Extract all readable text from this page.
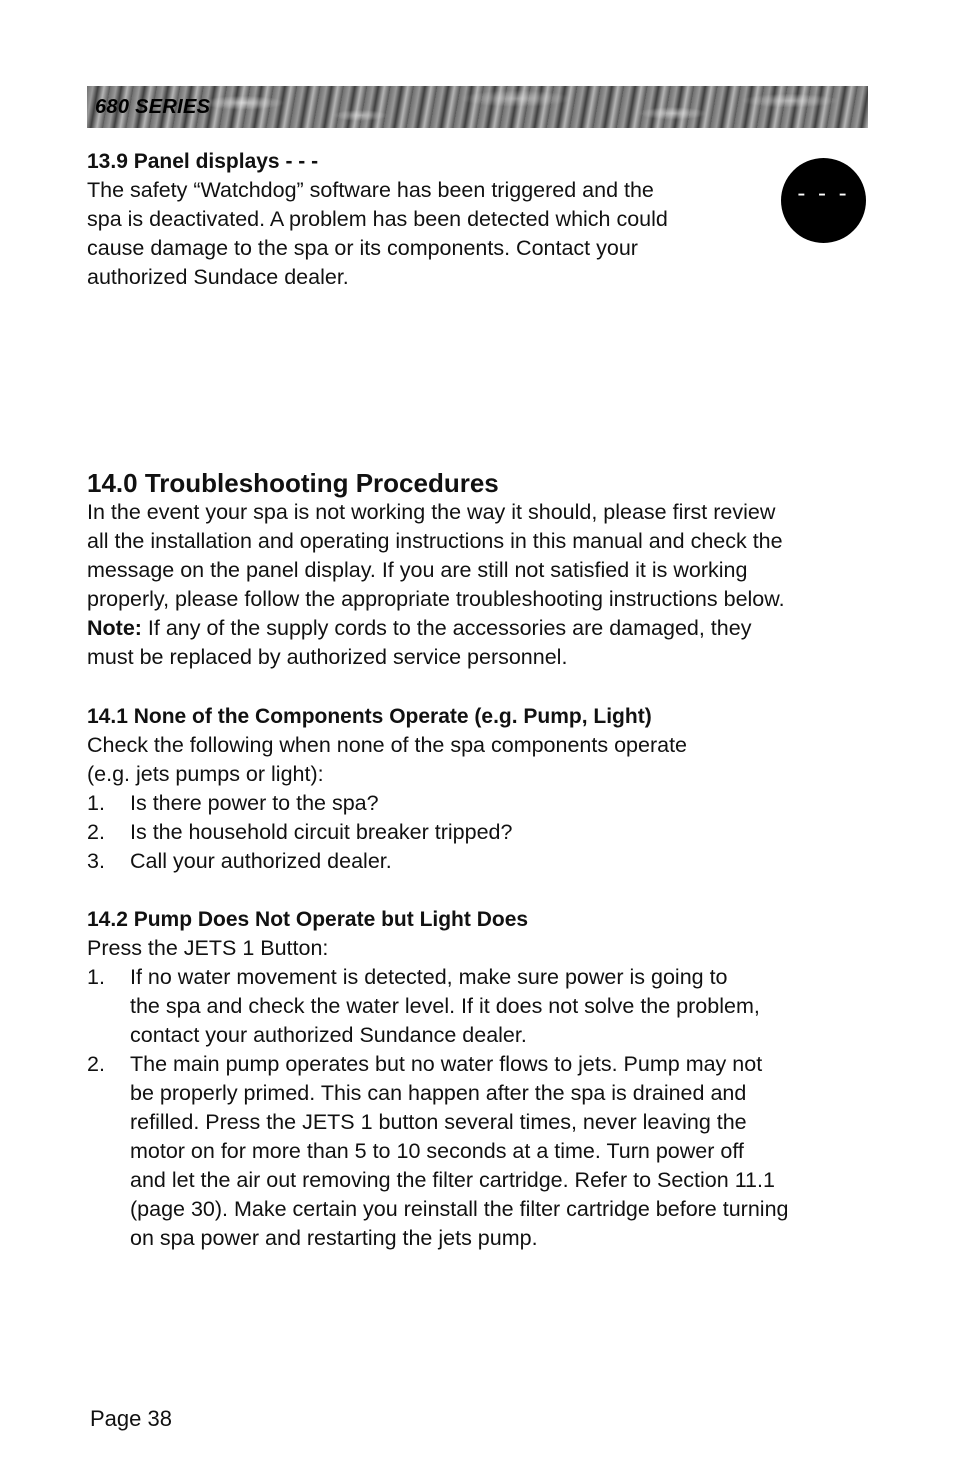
680 SERIES

13.9 Panel displays - - -

The safety “Watchdog” software has been triggered and the

spa is deactivated. A problem has been detected which could

cause damage to the spa or its components. Contact your

authorized Sundace dealer.

- - -

14.0 Troubleshooting Procedures

In the event your spa is not working the way it should, please first review

all the installation and operating instructions in this manual and check the

message on the panel display. If you are still not satisfied it is working

properly, please follow the appropriate troubleshooting instructions below.

Note: If any of the supply cords to the accessories are damaged, they

must be replaced by authorized service personnel.

14.1 None of the Components Operate (e.g. Pump, Light)

Check the following when none of the spa components operate

(e.g. jets pumps or light):

1. Is there power to the spa?
2. Is the household circuit breaker tripped?
3. Call your authorized dealer.

14.2 Pump Does Not Operate but Light Does

Press the JETS 1 Button:

1. If no water movement is detected, make sure power is going to
the spa and check the water level. If it does not solve the problem,
contact your authorized Sundance dealer.
2. The main pump operates but no water flows to jets. Pump may not
be properly primed. This can happen after the spa is drained and
refilled. Press the JETS 1 button several times, never leaving the
motor on for more than 5 to 10 seconds at a time. Turn power off
and let the air out removing the filter cartridge. Refer to Section 11.1
(page 30). Make certain you reinstall the filter cartridge before turning
on spa power and restarting the jets pump.
Page 38
